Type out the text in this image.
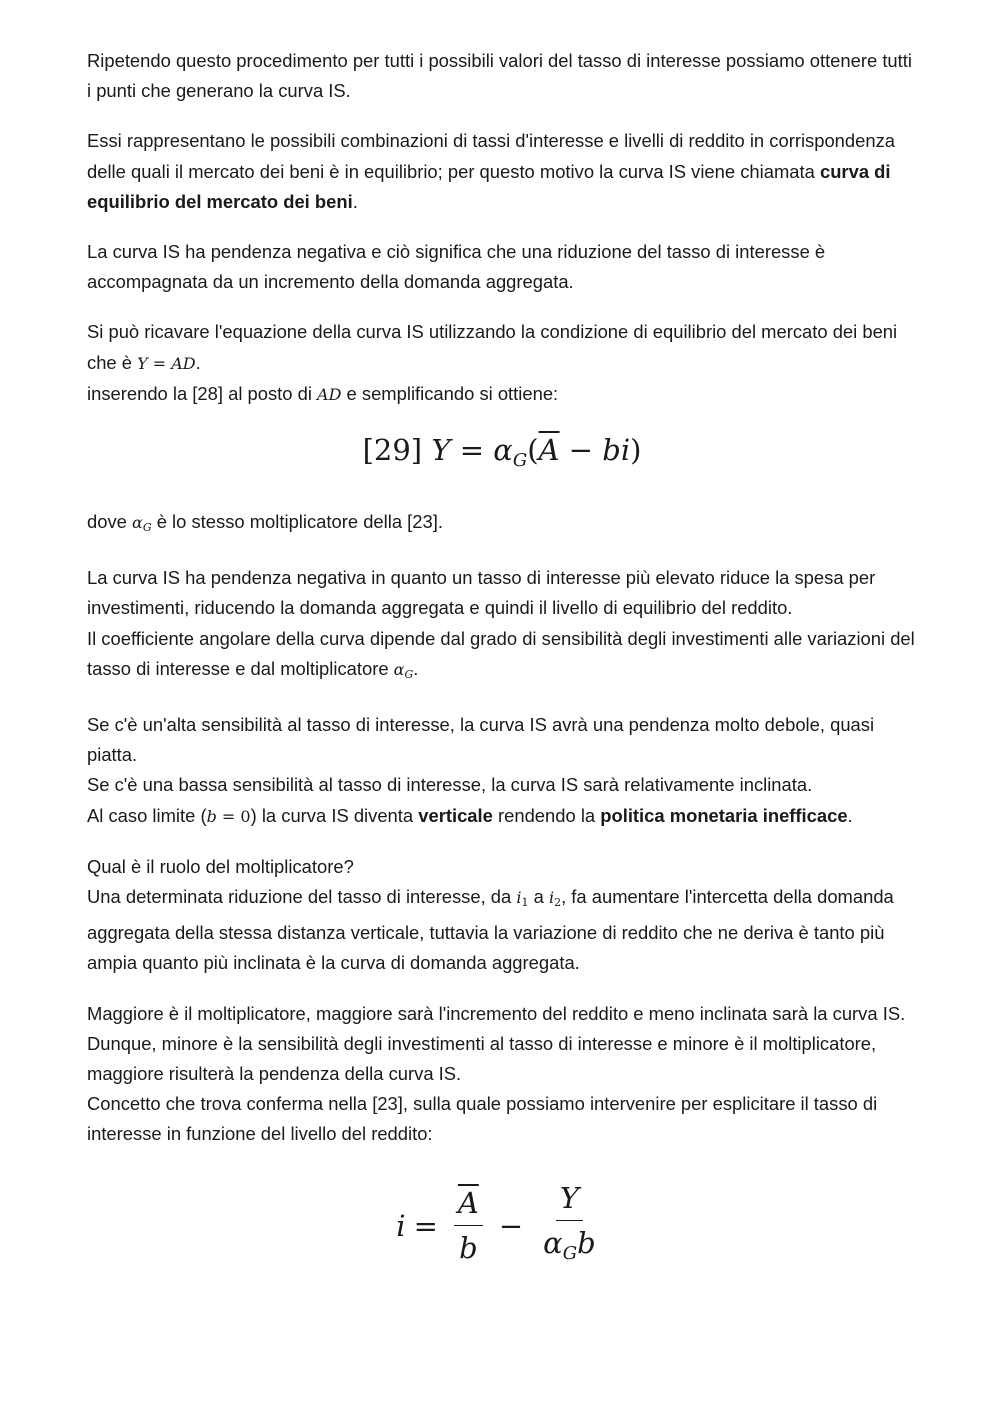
Ripetendo questo procedimento per tutti i possibili valori del tasso di interesse possiamo ottenere tutti i punti che generano la curva IS.

Essi rappresentano le possibili combinazioni di tassi d'interesse e livelli di reddito in corrispondenza delle quali il mercato dei beni è in equilibrio; per questo motivo la curva IS viene chiamata curva di equilibrio del mercato dei beni.

La curva IS ha pendenza negativa e ciò significa che una riduzione del tasso di interesse è accompagnata da un incremento della domanda aggregata.

Si può ricavare l'equazione della curva IS utilizzando la condizione di equilibrio del mercato dei beni che è Y = AD.
inserendo la [28] al posto di AD e semplificando si ottiene:

[29] $Y = \alpha_G(\overline{A} - bi)$

dove $\alpha_G$ è lo stesso moltiplicatore della [23].

La curva IS ha pendenza negativa in quanto un tasso di interesse più elevato riduce la spesa per investimenti, riducendo la domanda aggregata e quindi il livello di equilibrio del reddito.
Il coefficiente angolare della curva dipende dal grado di sensibilità degli investimenti alle variazioni del tasso di interesse e dal moltiplicatore $\alpha_G$.

Se c'è un'alta sensibilità al tasso di interesse, la curva IS avrà una pendenza molto debole, quasi piatta.
Se c'è una bassa sensibilità al tasso di interesse, la curva IS sarà relativamente inclinata.
Al caso limite (b = 0) la curva IS diventa verticale rendendo la politica monetaria inefficace.

Qual è il ruolo del moltiplicatore?
Una determinata riduzione del tasso di interesse, da $i_1$ a $i_2$, fa aumentare l'intercetta della domanda aggregata della stessa distanza verticale, tuttavia la variazione di reddito che ne deriva è tanto più ampia quanto più inclinata è la curva di domanda aggregata.

Maggiore è il moltiplicatore, maggiore sarà l'incremento del reddito e meno inclinata sarà la curva IS.
Dunque, minore è la sensibilità degli investimenti al tasso di interesse e minore è il moltiplicatore, maggiore risulterà la pendenza della curva IS.
Concetto che trova conferma nella [23], sulla quale possiamo intervenire per esplicitare il tasso di interesse in funzione del livello del reddito:

$i = \frac{\overline{A}}{b} - \frac{Y}{\alpha_Gb}$
